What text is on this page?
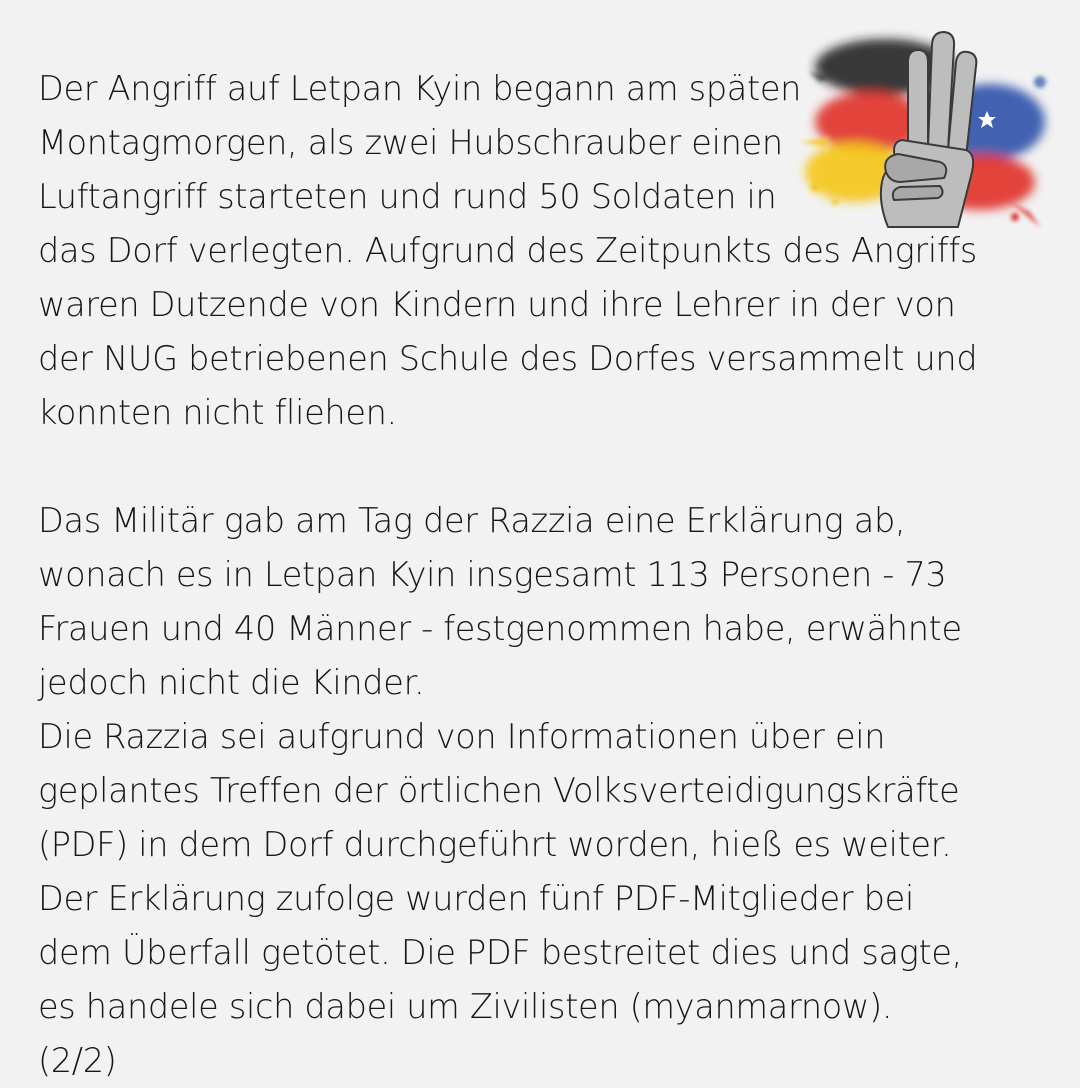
Der Angriff auf Letpan Kyin begann am späten
Montagmorgen, als zwei Hubschrauber einen
Luftangriff starteten und rund 50 Soldaten in
das Dorf verlegten. Aufgrund des Zeitpunkts des Angriffs
waren Dutzende von Kindern und ihre Lehrer in der von
der NUG betriebenen Schule des Dorfes versammelt und
konnten nicht fliehen.
Das Militär gab am Tag der Razzia eine Erklärung ab,
wonach es in Letpan Kyin insgesamt 113 Personen - 73
Frauen und 40 Männer - festgenommen habe, erwähnte
jedoch nicht die Kinder.
Die Razzia sei aufgrund von Informationen über ein
geplantes Treffen der örtlichen Volksverteidigungskräfte
(PDF) in dem Dorf durchgeführt worden, hieß es weiter.
Der Erklärung zufolge wurden fünf PDF-Mitglieder bei
dem Überfall getötet. Die PDF bestreitet dies und sagte,
es handele sich dabei um Zivilisten (myanmarnow).
(2/2)
